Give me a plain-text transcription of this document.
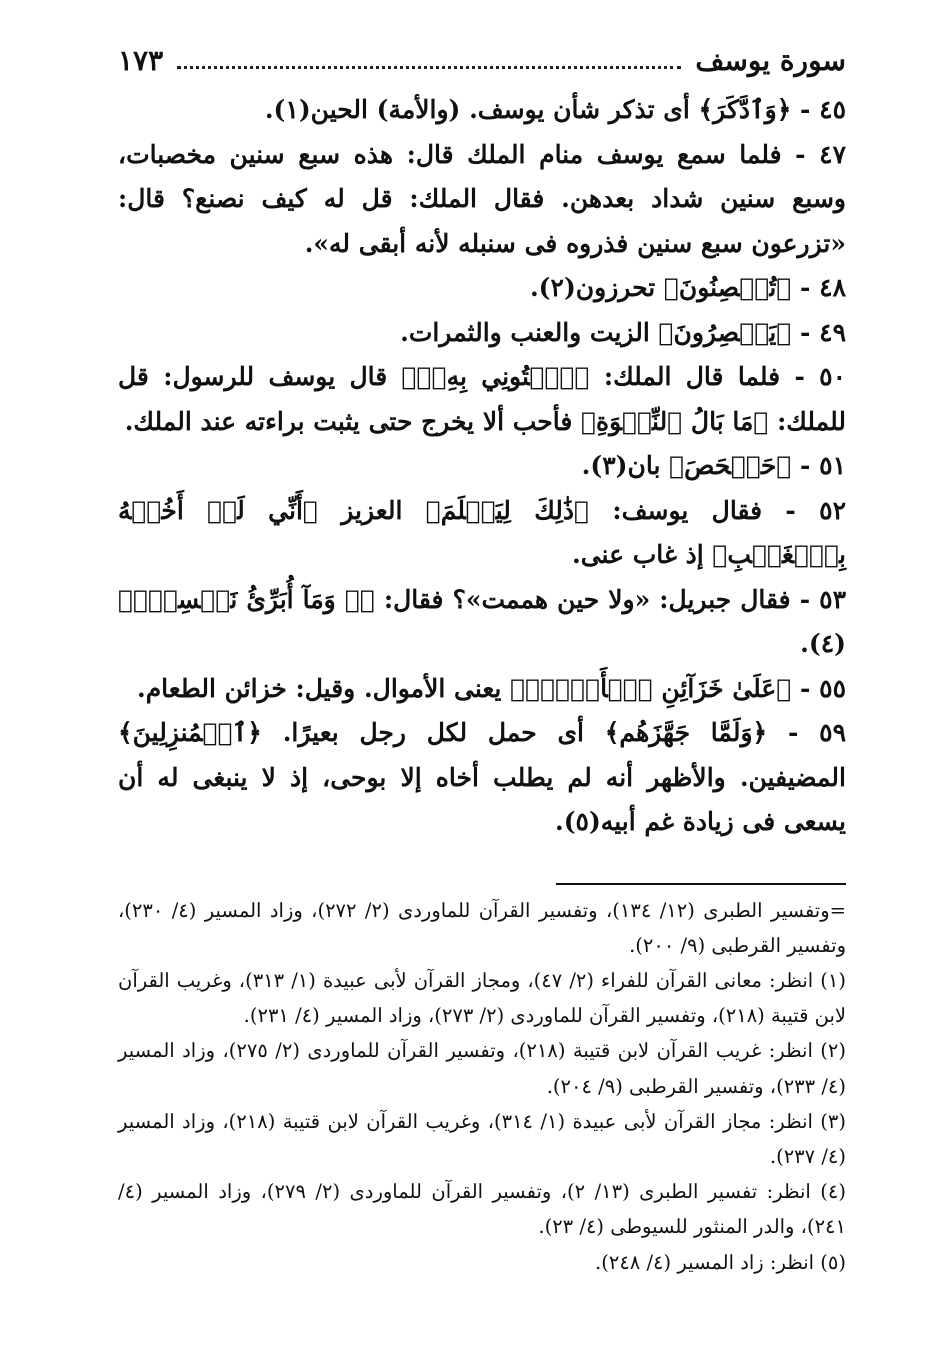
سورة يوسف
١٧٣

٤٥ - ﴿وَٱدَّكَرَ﴾ أى تذكر شأن يوسف. (والأمة) الحين(١).

٤٧ - فلما سمع يوسف منام الملك قال: هذه سبع سنين مخصبات، وسبع سنين شداد بعدهن. فقال الملك: قل له كيف نصنع؟ قال: «تزرعون سبع سنين فذروه فى سنبله لأنه أبقى له».

٤٨ - ﴿تُحۡصِنُونَ﴾ تحرزون(٢).

٤٩ - ﴿يَعۡصِرُونَ﴾ الزيت والعنب والثمرات.

٥٠ - فلما قال الملك: ﴿ٱئۡتُونِي بِهِۦۖ﴾ قال يوسف للرسول: قل للملك: ﴿مَا بَالُ ٱلنِّسۡوَةِ﴾ فأحب ألا يخرج حتى يثبت براءته عند الملك.

٥١ - ﴿حَصۡحَصَ﴾ بان(٣).

٥٢ - فقال يوسف: ﴿ذَٰلِكَ لِيَعۡلَمَ﴾ العزيز ﴿أَنِّي لَمۡ أَخُنۡهُ بِٱلۡغَيۡبِ﴾ إذ غاب عنى.

٥٣ - فقال جبريل: «ولا حين هممت»؟ فقال: ﴿۞ وَمَآ أُبَرِّئُ نَفۡسِيٓۚ﴾(٤).

٥٥ - ﴿عَلَىٰ خَزَآئِنِ ٱلۡأَرۡضِۖ﴾ يعنى الأموال. وقيل: خزائن الطعام.

٥٩ - ﴿وَلَمَّا جَهَّزَهُم﴾ أى حمل لكل رجل بعيرًا. ﴿ٱلۡمُنزِلِينَ﴾ المضيفين. والأظهر أنه لم يطلب أخاه إلا بوحى، إذ لا ينبغى له أن يسعى فى زيادة غم أبيه(٥).

=وتفسير الطبرى (١٢/ ١٣٤)، وتفسير القرآن للماوردى (٢/ ٢٧٢)، وزاد المسير (٤/ ٢٣٠)، وتفسير القرطبى (٩/ ٢٠٠).

(١) انظر: معانى القرآن للفراء (٢/ ٤٧)، ومجاز القرآن لأبى عبيدة (١/ ٣١٣)، وغريب القرآن لابن قتيبة (٢١٨)، وتفسير القرآن للماوردى (٢/ ٢٧٣)، وزاد المسير (٤/ ٢٣١).

(٢) انظر: غريب القرآن لابن قتيبة (٢١٨)، وتفسير القرآن للماوردى (٢/ ٢٧٥)، وزاد المسير (٤/ ٢٣٣)، وتفسير القرطبى (٩/ ٢٠٤).

(٣) انظر: مجاز القرآن لأبى عبيدة (١/ ٣١٤)، وغريب القرآن لابن قتيبة (٢١٨)، وزاد المسير (٤/ ٢٣٧).

(٤) انظر: تفسير الطبرى (١٣/ ٢)، وتفسير القرآن للماوردى (٢/ ٢٧٩)، وزاد المسير (٤/ ٢٤١)، والدر المنثور للسيوطى (٤/ ٢٣).

(٥) انظر: زاد المسير (٤/ ٢٤٨).
